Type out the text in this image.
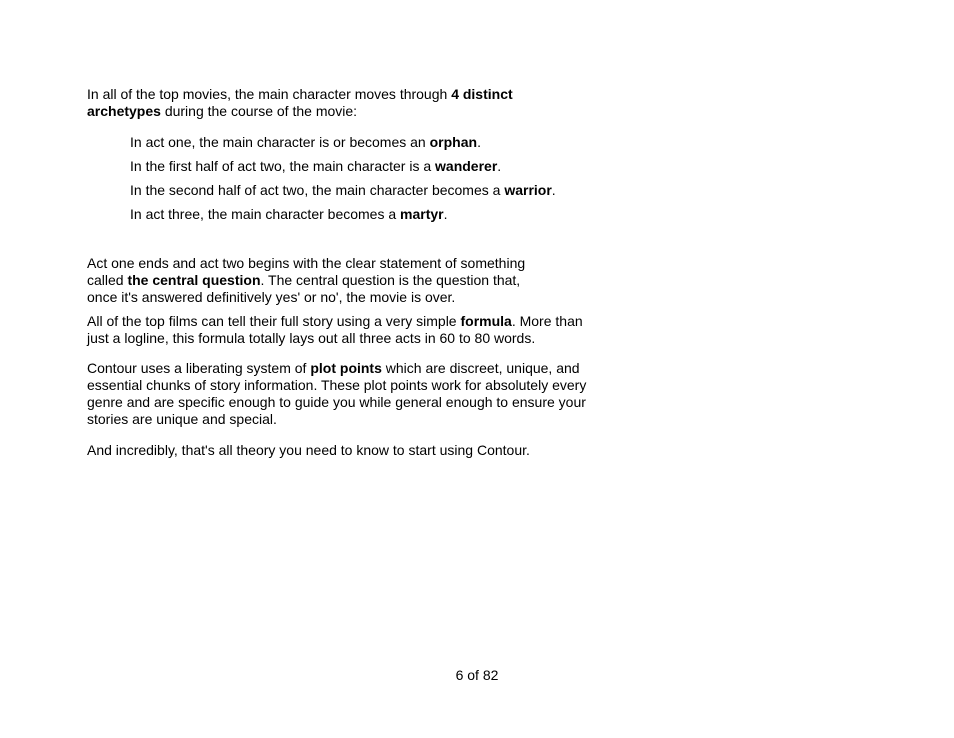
In all of the top movies, the main character moves through 4 distinct
archetypes during the course of the movie:

In act one, the main character is or becomes an orphan.

In the first half of act two, the main character is a wanderer.

In the second half of act two, the main character becomes a warrior.

In act three, the main character becomes a martyr.

Act one ends and act two begins with the clear statement of something
called the central question. The central question is the question that,
once it's answered definitively yes' or no', the movie is over.

All of the top films can tell their full story using a very simple formula. More than
just a logline, this formula totally lays out all three acts in 60 to 80 words.

Contour uses a liberating system of plot points which are discreet, unique, and
essential chunks of story information. These plot points work for absolutely every
genre and are specific enough to guide you while general enough to ensure your
stories are unique and special.

And incredibly, that's all theory you need to know to start using Contour.

6 of 82
